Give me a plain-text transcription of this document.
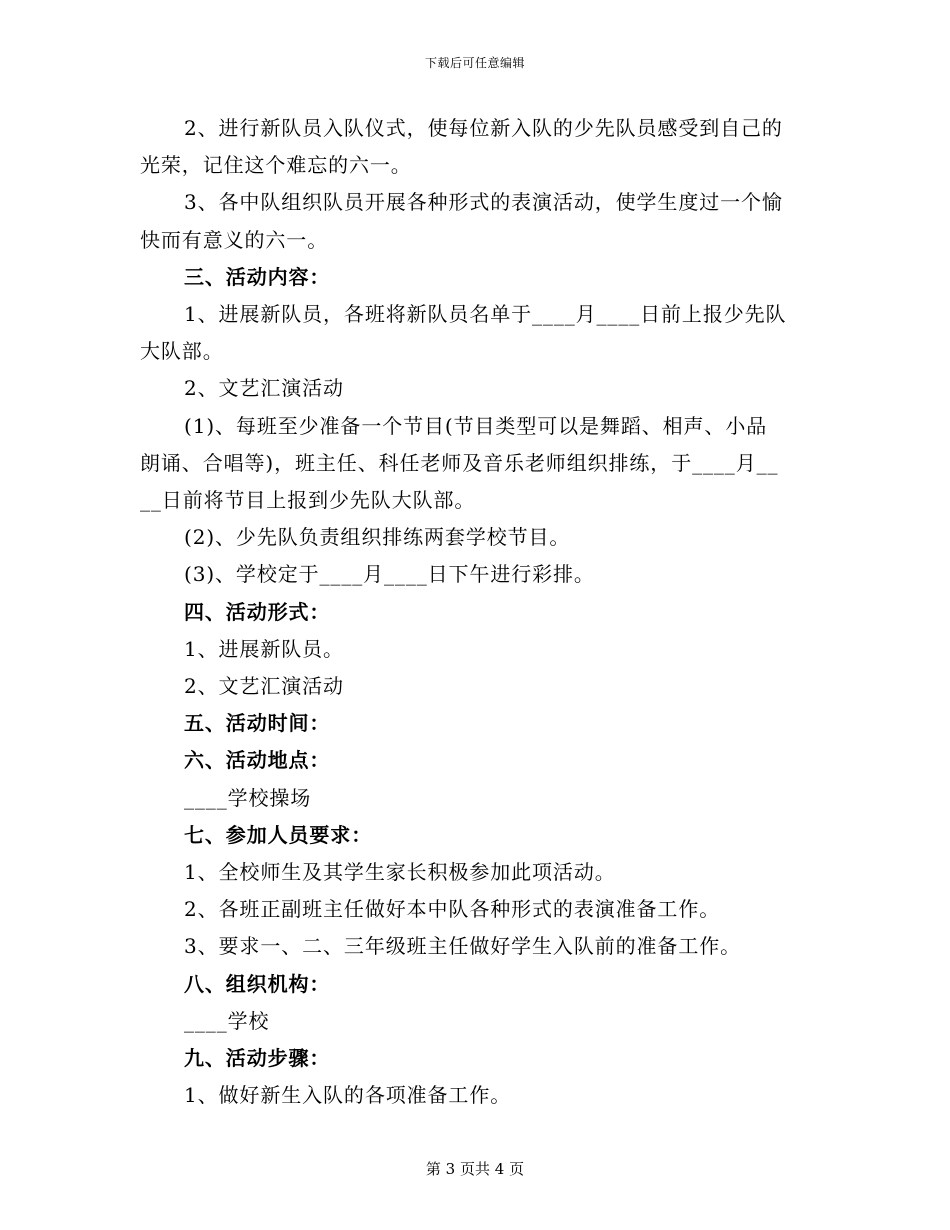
下载后可任意编辑
2、进行新队员入队仪式，使每位新入队的少先队员感受到自己的
光荣，记住这个难忘的六一。
3、各中队组织队员开展各种形式的表演活动，使学生度过一个愉
快而有意义的六一。
三、活动内容：
1、进展新队员，各班将新队员名单于____月____日前上报少先队
大队部。
2、文艺汇演活动
(1)、每班至少准备一个节目(节目类型可以是舞蹈、相声、小品
朗诵、合唱等)，班主任、科任老师及音乐老师组织排练，于____月__
__日前将节目上报到少先队大队部。
(2)、少先队负责组织排练两套学校节目。
(3)、学校定于____月____日下午进行彩排。
四、活动形式：
1、进展新队员。
2、文艺汇演活动
五、活动时间：
六、活动地点：
____学校操场
七、参加人员要求：
1、全校师生及其学生家长积极参加此项活动。
2、各班正副班主任做好本中队各种形式的表演准备工作。
3、要求一、二、三年级班主任做好学生入队前的准备工作。
八、组织机构：
____学校
九、活动步骤：
1、做好新生入队的各项准备工作。
第 3 页共 4 页
